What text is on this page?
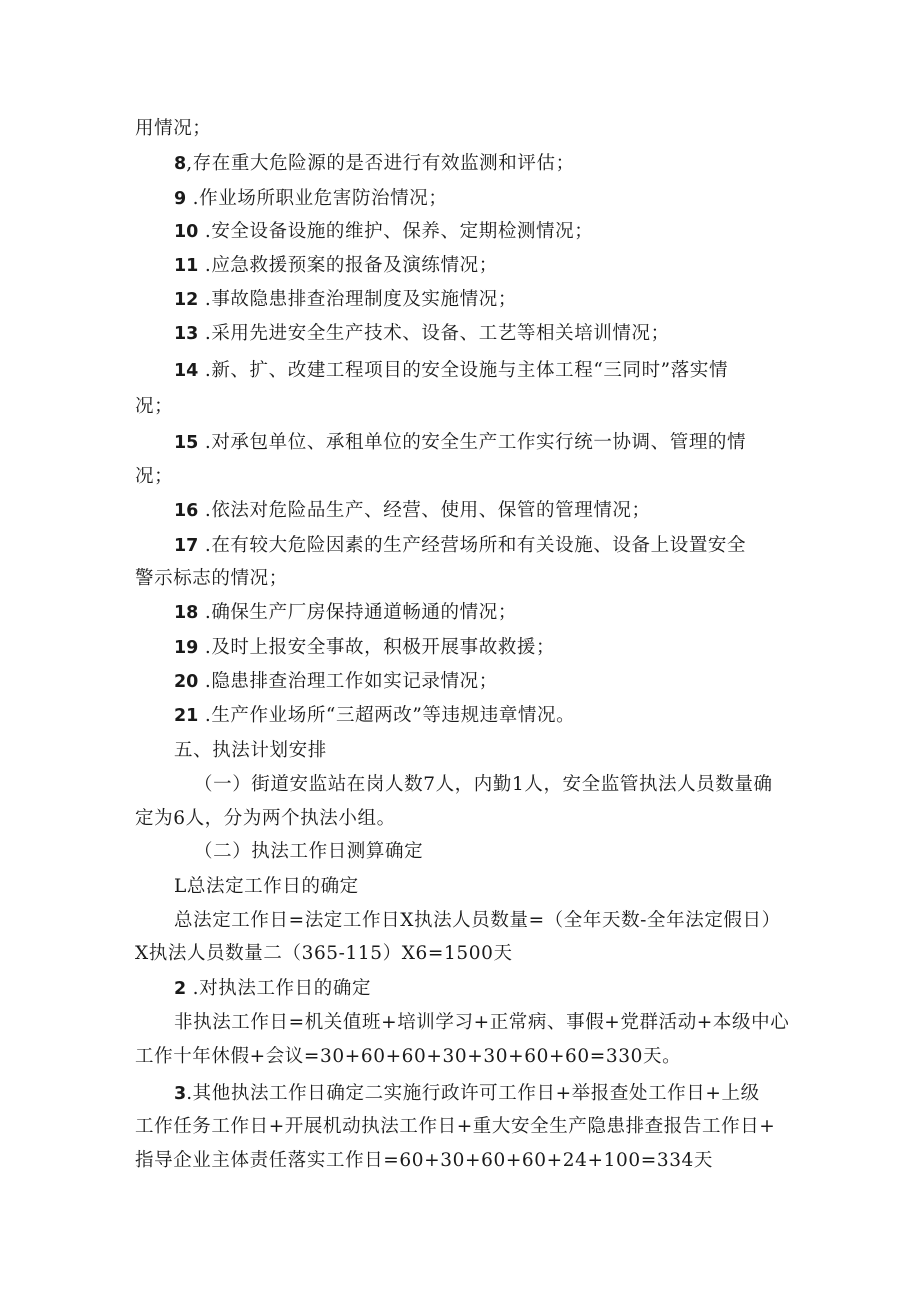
用情况；
8,存在重大危险源的是否进行有效监测和评估；
9 .作业场所职业危害防治情况；
10 .安全设备设施的维护、保养、定期检测情况；
11 .应急救援预案的报备及演练情况；
12 .事故隐患排查治理制度及实施情况；
13 .采用先进安全生产技术、设备、工艺等相关培训情况；
14 .新、扩、改建工程项目的安全设施与主体工程“三同时”落实情
况；
15 .对承包单位、承租单位的安全生产工作实行统一协调、管理的情
况；
16 .依法对危险品生产、经营、使用、保管的管理情况；
17 .在有较大危险因素的生产经营场所和有关设施、设备上设置安全
警示标志的情况；
18 .确保生产厂房保持通道畅通的情况；
19 .及时上报安全事故，积极开展事故救援；
20 .隐患排查治理工作如实记录情况；
21 .生产作业场所“三超两改”等违规违章情况。
五、执法计划安排
（一）街道安监站在岗人数7人，内勤1人，安全监管执法人员数量确
定为6人，分为两个执法小组。
（二）执法工作日测算确定
L总法定工作日的确定
总法定工作日=法定工作日X执法人员数量=（全年天数-全年法定假日）
X执法人员数量二（365-115）X6=1500天
2 .对执法工作日的确定
非执法工作日=机关值班+培训学习+正常病、事假+党群活动+本级中心
工作十年休假+会议=30+60+60+30+30+60+60=330天。
3.其他执法工作日确定二实施行政许可工作日+举报查处工作日+上级
工作任务工作日+开展机动执法工作日+重大安全生产隐患排查报告工作日+
指导企业主体责任落实工作日=60+30+60+60+24+100=334天
